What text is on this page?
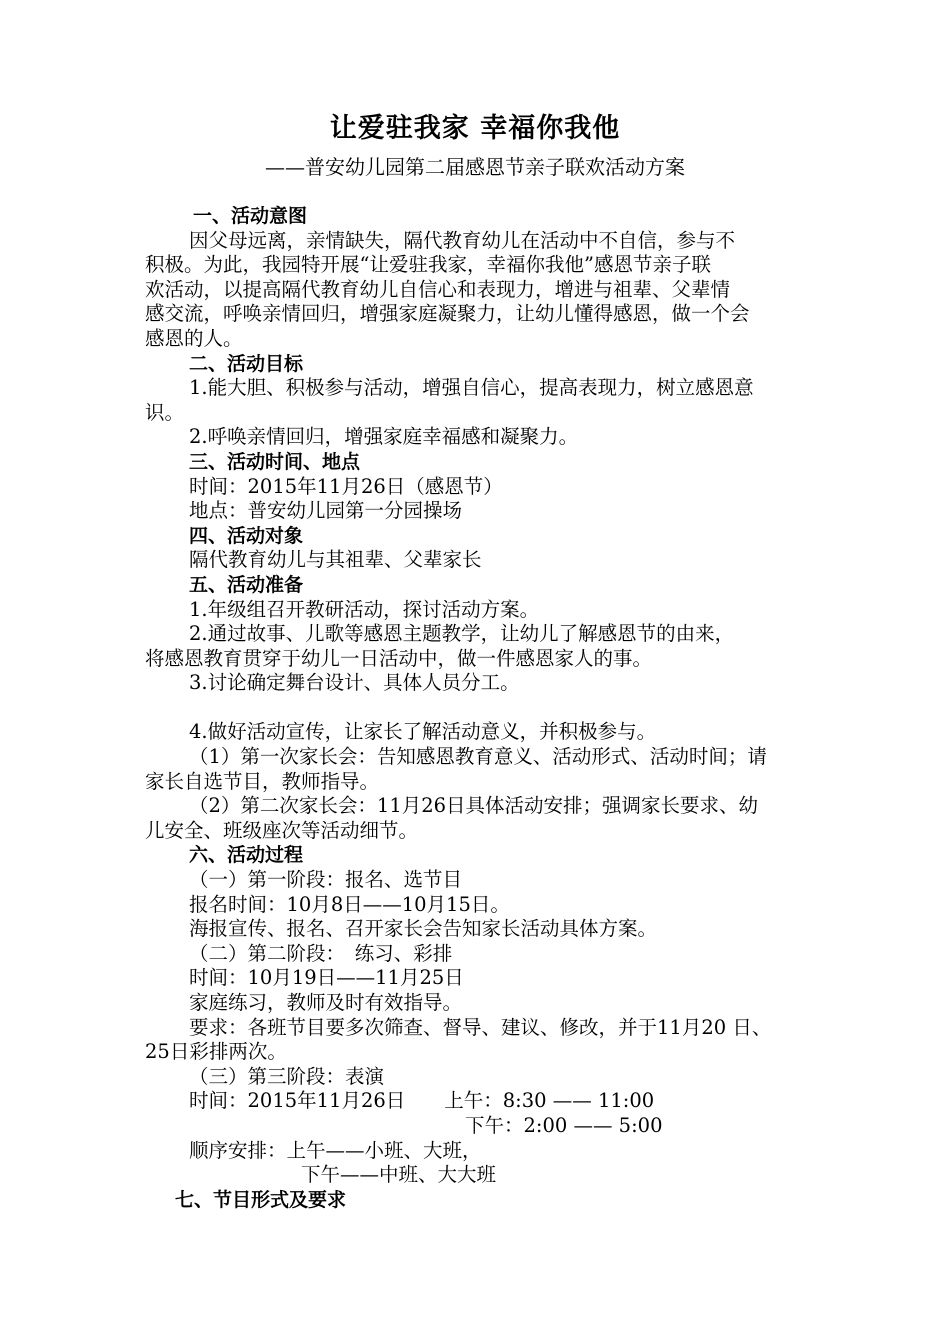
让爱驻我家 幸福你我他
——普安幼儿园第二届感恩节亲子联欢活动方案
一、活动意图
因父母远离，亲情缺失，隔代教育幼儿在活动中不自信，参与不
积极。为此，我园特开展“让爱驻我家，幸福你我他”感恩节亲子联
欢活动，以提高隔代教育幼儿自信心和表现力，增进与祖辈、父辈情
感交流，呼唤亲情回归，增强家庭凝聚力，让幼儿懂得感恩，做一个会
感恩的人。
二、活动目标
1.能大胆、积极参与活动，增强自信心，提高表现力，树立感恩意
识。
2.呼唤亲情回归，增强家庭幸福感和凝聚力。
三、活动时间、地点
时间：2015年11月26日（感恩节）
地点：普安幼儿园第一分园操场
四、活动对象
隔代教育幼儿与其祖辈、父辈家长
五、活动准备
1.年级组召开教研活动，探讨活动方案。
2.通过故事、儿歌等感恩主题教学，让幼儿了解感恩节的由来，
将感恩教育贯穿于幼儿一日活动中，做一件感恩家人的事。
3.讨论确定舞台设计、具体人员分工。
4.做好活动宣传，让家长了解活动意义，并积极参与。
（1）第一次家长会：告知感恩教育意义、活动形式、活动时间；请
家长自选节目，教师指导。
（2）第二次家长会：11月26日具体活动安排；强调家长要求、幼
儿安全、班级座次等活动细节。
六、活动过程
（一）第一阶段：报名、选节目
报名时间：10月8日——10月15日。
海报宣传、报名、召开家长会告知家长活动具体方案。
（二）第二阶段：　练习、彩排
时间：10月19日——11月25日
家庭练习，教师及时有效指导。
要求：各班节目要多次筛查、督导、建议、修改，并于11月20 日、
25日彩排两次。
（三）第三阶段：表演
时间：2015年11月26日　　上午：8:30 —— 11:00
下午：2:00 —— 5:00
顺序安排：上午——小班、大班，
下午——中班、大大班
七、节目形式及要求
